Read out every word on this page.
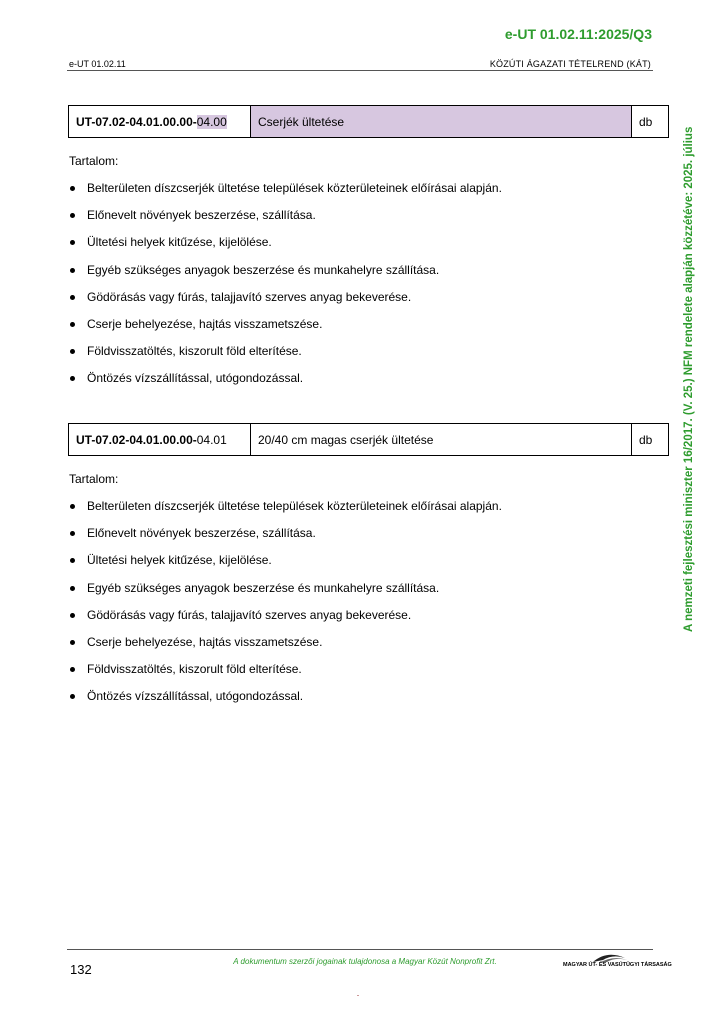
e-UT 01.02.11:2025/Q3
e-UT 01.02.11	KÖZÚTI ÁGAZATI TÉTELREND (KÁT)
UT-07.02-04.01.00.00- 04.00	Cserjék ültetése	db
Tartalom:
Belterületen díszcserjék ültetése települések közterületeinek előírásai alapján.
Előnevelt növények beszerzése, szállítása.
Ültetési helyek kitűzése, kijelölése.
Egyéb szükséges anyagok beszerzése és munkahelyre szállítása.
Gödörásás vagy fúrás, talajjavító szerves anyag bekeverése.
Cserje behelyezése, hajtás visszametszése.
Földvisszatöltés, kiszorult föld elterítése.
Öntözés vízszállítással, utógondozással.
UT-07.02-04.01.00.00- 04.01	20/40 cm magas cserjék ültetése	db
Tartalom:
Belterületen díszcserjék ültetése települések közterületeinek előírásai alapján.
Előnevelt növények beszerzése, szállítása.
Ültetési helyek kitűzése, kijelölése.
Egyéb szükséges anyagok beszerzése és munkahelyre szállítása.
Gödörásás vagy fúrás, talajjavító szerves anyag bekeverése.
Cserje behelyezése, hajtás visszametszése.
Földvisszatöltés, kiszorult föld elterítése.
Öntözés vízszállítással, utógondozással.
A nemzeti fejlesztési miniszter 16/2017. (V. 25.) NFM rendelete alapján közzétéve: 2025. július
132
A dokumentum szerzői jogainak tulajdonosa a Magyar Közút Nonprofit Zrt.	MAGYAR ÚT- ÉS VASÚTÜGYI TÁRSASÁG
